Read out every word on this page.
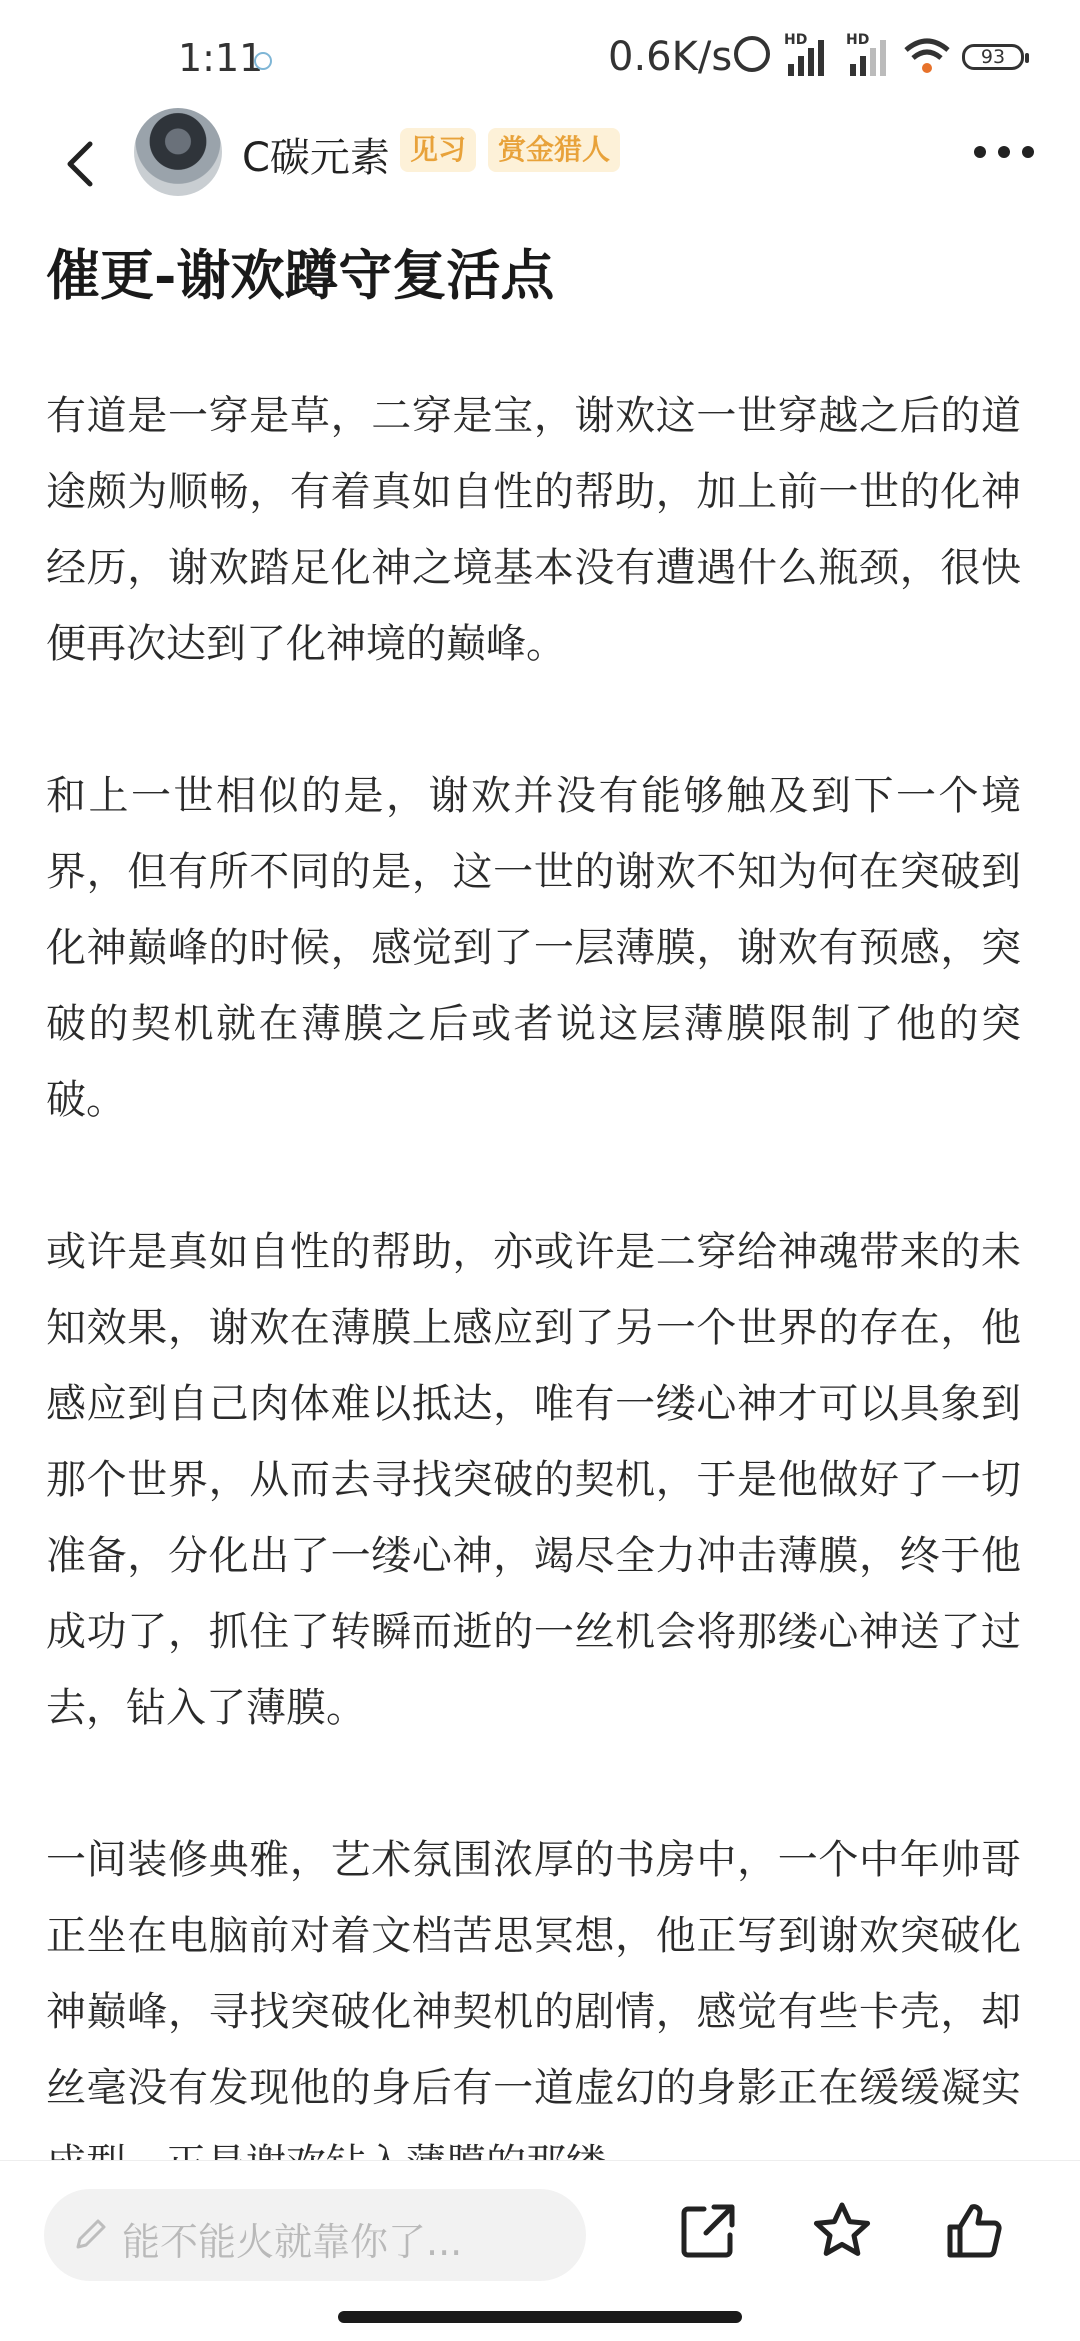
1:11	0.6K/s	HD	HD
93
C碳元素 见习	赏金猎人
催更-谢欢蹲守复活点

有道是一穿是草，二穿是宝，谢欢这一世穿越之后的道途颇为顺畅，有着真如自性的帮助，加上前一世的化神经历，谢欢踏足化神之境基本没有遭遇什么瓶颈，很快便再次达到了化神境的巅峰。

和上一世相似的是，谢欢并没有能够触及到下一个境界，但有所不同的是，这一世的谢欢不知为何在突破到化神巅峰的时候，感觉到了一层薄膜，谢欢有预感，突破的契机就在薄膜之后或者说这层薄膜限制了他的突破。

或许是真如自性的帮助，亦或许是二穿给神魂带来的未知效果，谢欢在薄膜上感应到了另一个世界的存在，他感应到自己肉体难以抵达，唯有一缕心神才可以具象到那个世界，从而去寻找突破的契机，于是他做好了一切准备，分化出了一缕心神，竭尽全力冲击薄膜，终于他成功了，抓住了转瞬而逝的一丝机会将那缕心神送了过去，钻入了薄膜。

一间装修典雅，艺术氛围浓厚的书房中，一个中年帅哥正坐在电脑前对着文档苦思冥想，他正写到谢欢突破化神巅峰，寻找突破化神契机的剧情，感觉有些卡壳，却丝毫没有发现他的身后有一道虚幻的身影正在缓缓凝实

能不能火就靠你了...
